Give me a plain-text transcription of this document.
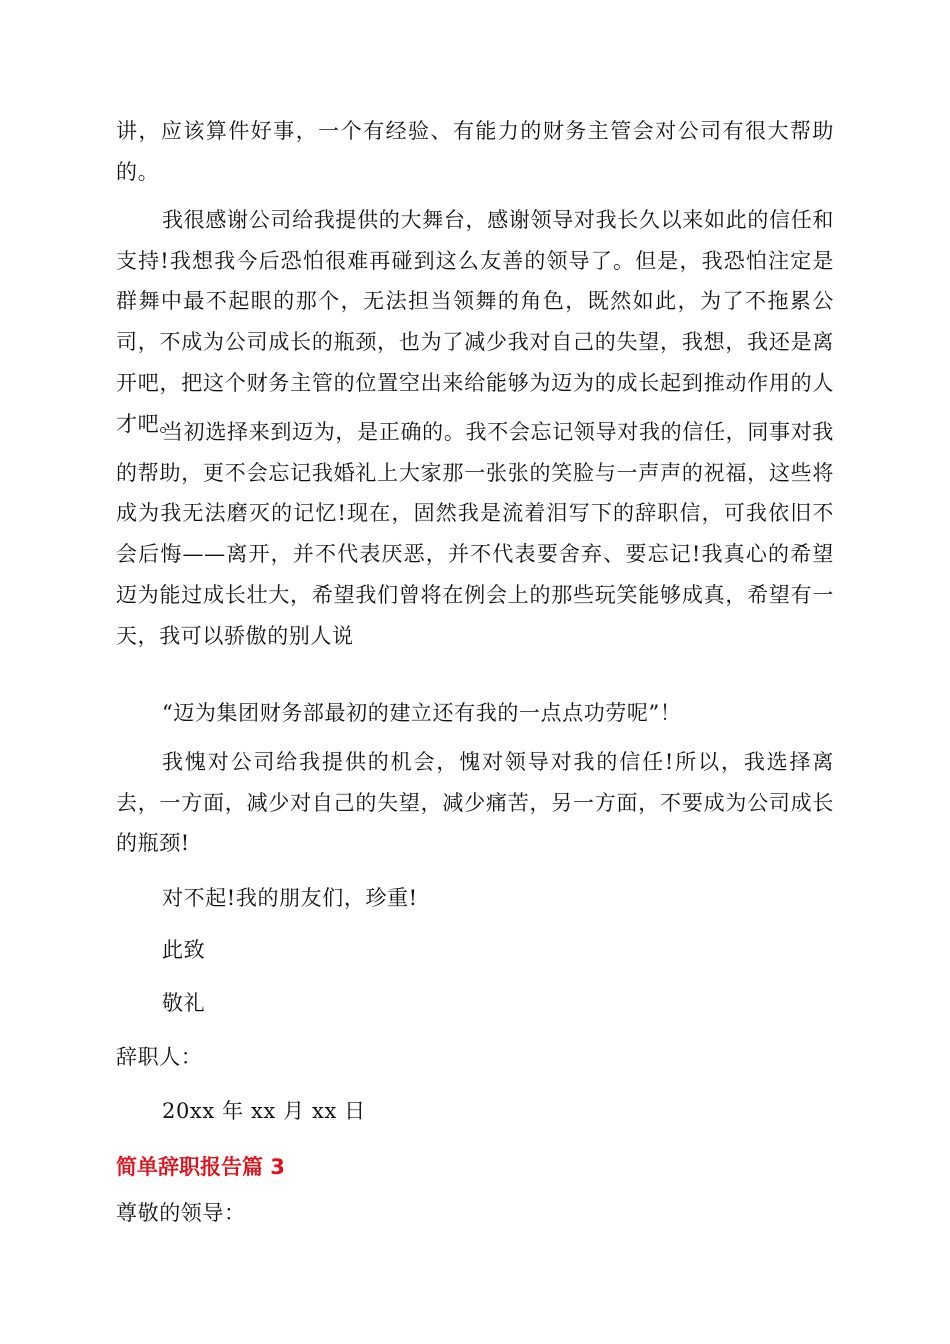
讲，应该算件好事，一个有经验、有能力的财务主管会对公司有很大帮助的。

我很感谢公司给我提供的大舞台，感谢领导对我长久以来如此的信任和支持!我想我今后恐怕很难再碰到这么友善的领导了。但是，我恐怕注定是群舞中最不起眼的那个，无法担当领舞的角色，既然如此，为了不拖累公司，不成为公司成长的瓶颈，也为了减少我对自己的失望，我想，我还是离开吧，把这个财务主管的位置空出来给能够为迈为的成长起到推动作用的人才吧。

当初选择来到迈为，是正确的。我不会忘记领导对我的信任，同事对我的帮助，更不会忘记我婚礼上大家那一张张的笑脸与一声声的祝福，这些将成为我无法磨灭的记忆!现在，固然我是流着泪写下的辞职信，可我依旧不会后悔——离开，并不代表厌恶，并不代表要舍弃、要忘记!我真心的希望迈为能过成长壮大，希望我们曾将在例会上的那些玩笑能够成真，希望有一天，我可以骄傲的别人说

“迈为集团财务部最初的建立还有我的一点点功劳呢”！

我愧对公司给我提供的机会，愧对领导对我的信任!所以，我选择离去，一方面，减少对自己的失望，减少痛苦，另一方面，不要成为公司成长的瓶颈!

对不起!我的朋友们，珍重!

此致

敬礼

辞职人：

20xx 年 xx 月 xx 日

简单辞职报告篇 3

尊敬的领导：
